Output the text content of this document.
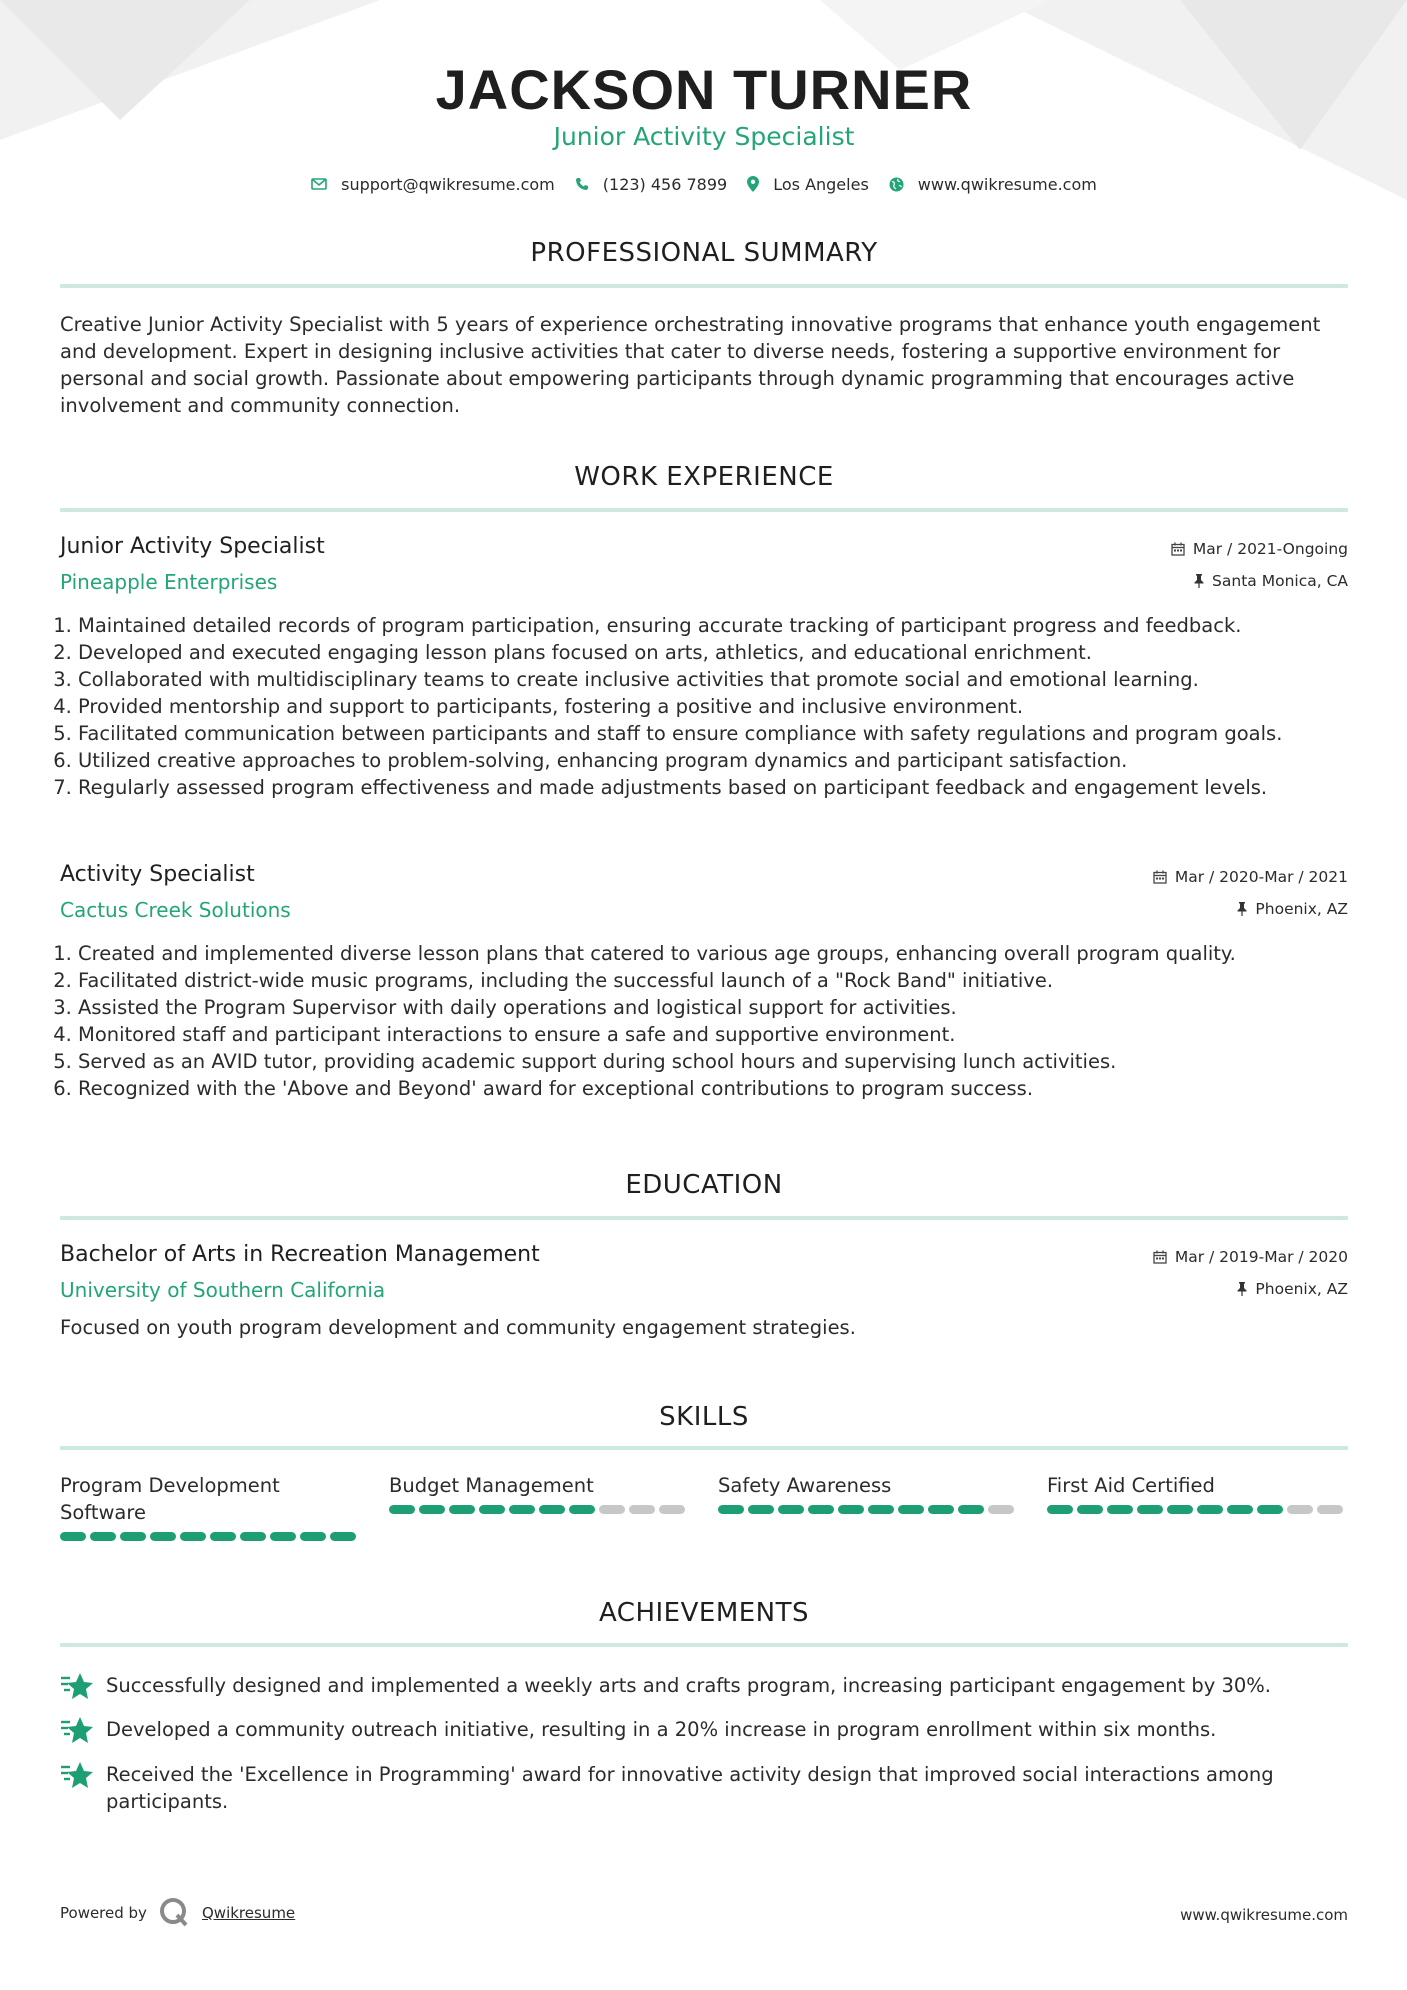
JACKSON TURNER
Junior Activity Specialist
support@qwikresume.com	(123) 456 7899	Los Angeles	www.qwikresume.com
PROFESSIONAL SUMMARY

Creative Junior Activity Specialist with 5 years of experience orchestrating innovative programs that enhance youth engagement and development. Expert in designing inclusive activities that cater to diverse needs, fostering a supportive environment for personal and social growth. Passionate about empowering participants through dynamic programming that encourages active involvement and community connection.

WORK EXPERIENCE
Junior Activity Specialist	Mar / 2021-Ongoing
Pineapple Enterprises	Santa Monica, CA
1. Maintained detailed records of program participation, ensuring accurate tracking of participant progress and feedback.
2. Developed and executed engaging lesson plans focused on arts, athletics, and educational enrichment.
3. Collaborated with multidisciplinary teams to create inclusive activities that promote social and emotional learning.
4. Provided mentorship and support to participants, fostering a positive and inclusive environment.
5. Facilitated communication between participants and staff to ensure compliance with safety regulations and program goals.
6. Utilized creative approaches to problem-solving, enhancing program dynamics and participant satisfaction.
7. Regularly assessed program effectiveness and made adjustments based on participant feedback and engagement levels.
Activity Specialist	Mar / 2020-Mar / 2021
Cactus Creek Solutions	Phoenix, AZ
1. Created and implemented diverse lesson plans that catered to various age groups, enhancing overall program quality.
2. Facilitated district-wide music programs, including the successful launch of a "Rock Band" initiative.
3. Assisted the Program Supervisor with daily operations and logistical support for activities.
4. Monitored staff and participant interactions to ensure a safe and supportive environment.
5. Served as an AVID tutor, providing academic support during school hours and supervising lunch activities.
6. Recognized with the 'Above and Beyond' award for exceptional contributions to program success.
EDUCATION
Bachelor of Arts in Recreation Management	Mar / 2019-Mar / 2020
University of Southern California	Phoenix, AZ
Focused on youth program development and community engagement strategies.
SKILLS
Program Development Software
Budget Management	Safety Awareness	First Aid Certified
ACHIEVEMENTS
Successfully designed and implemented a weekly arts and crafts program, increasing participant engagement by 30%.
Developed a community outreach initiative, resulting in a 20% increase in program enrollment within six months.
Received the 'Excellence in Programming' award for innovative activity design that improved social interactions among participants.
Powered by	Qwikresume	www.qwikresume.com
